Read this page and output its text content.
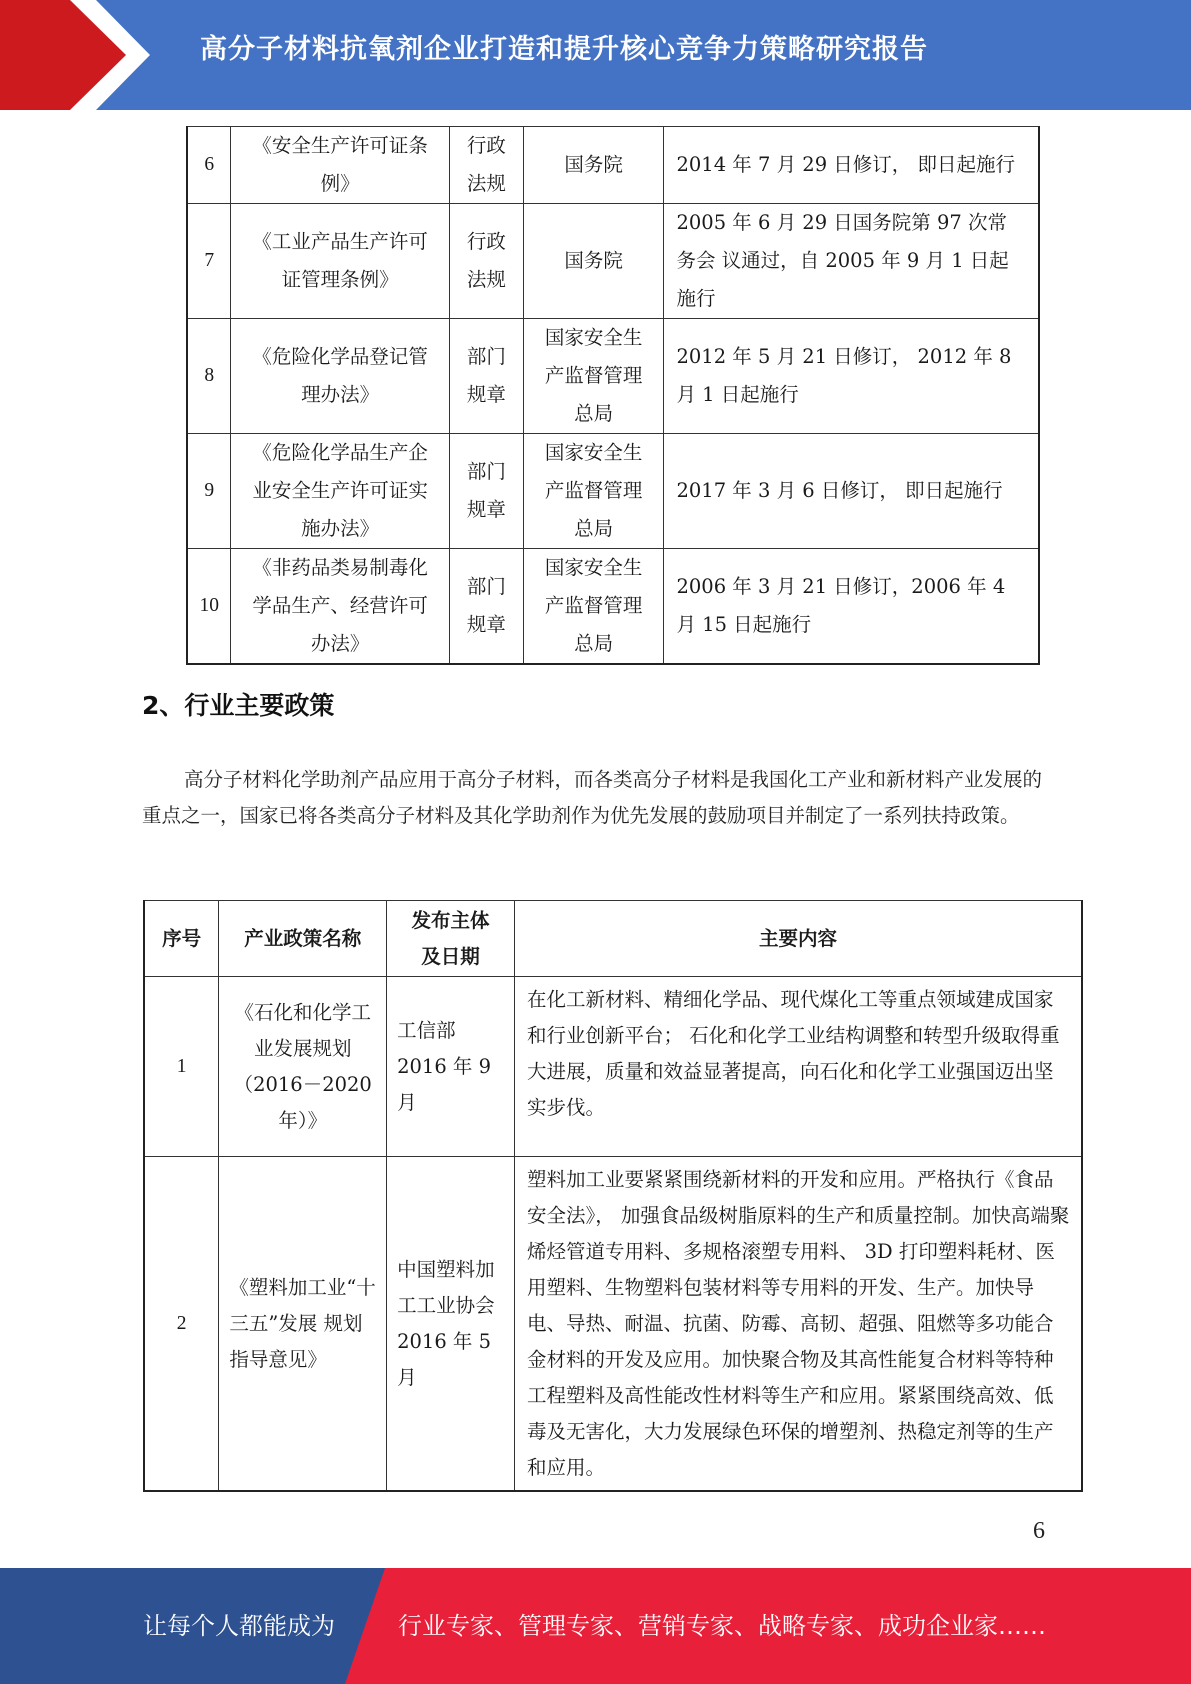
高分子材料抗氧剂企业打造和提升核心竞争力策略研究报告
6	《安全生产许可证条例》	行政法规	国务院	2014 年 7 月 29 日修订， 即日起施行
7	《工业产品生产许可证管理条例》	行政法规	国务院	2005 年 6 月 29 日国务院第 97 次常务会 议通过，自 2005 年 9 月 1 日起施行
8	《危险化学品登记管理办法》	部门规章	国家安全生产监督管理总局	2012 年 5 月 21 日修订， 2012 年 8 月 1 日起施行
9	《危险化学品生产企业安全生产许可证实施办法》	部门规章	国家安全生产监督管理总局	2017 年 3 月 6 日修订， 即日起施行
10	《非药品类易制毒化学品生产、经营许可办法》	部门规章	国家安全生产监督管理总局	2006 年 3 月 21 日修订，2006 年 4 月 15 日起施行
2、行业主要政策
高分子材料化学助剂产品应用于高分子材料，而各类高分子材料是我国化工产业和新材料产业发展的重点之一，国家已将各类高分子材料及其化学助剂作为优先发展的鼓励项目并制定了一系列扶持政策。
序号	产业政策名称	发布主体及日期	主要内容
1	《石化和化学工业发展规划（2016－2020年）》	工信部 2016 年 9 月	在化工新材料、精细化学品、现代煤化工等重点领域建成国家和行业创新平台； 石化和化学工业结构调整和转型升级取得重大进展，质量和效益显著提高，向石化和化学工业强国迈出坚实步伐。
2	《塑料加工业“十三五”发展 规划指导意见》	中国塑料加工工业协会 2016 年 5 月	塑料加工业要紧紧围绕新材料的开发和应用。严格执行《食品安全法》， 加强食品级树脂原料的生产和质量控制。加快高端聚烯烃管道专用料、多规格滚塑专用料、 3D 打印塑料耗材、医用塑料、生物塑料包装材料等专用料的开发、生产。加快导电、导热、耐温、抗菌、防霉、高韧、超强、阻燃等多功能合金材料的开发及应用。加快聚合物及其高性能复合材料等特种工程塑料及高性能改性材料等生产和应用。紧紧围绕高效、低毒及无害化，大力发展绿色环保的增塑剂、热稳定剂等的生产和应用。
6
让每个人都能成为	行业专家、管理专家、营销专家、战略专家、成功企业家……
